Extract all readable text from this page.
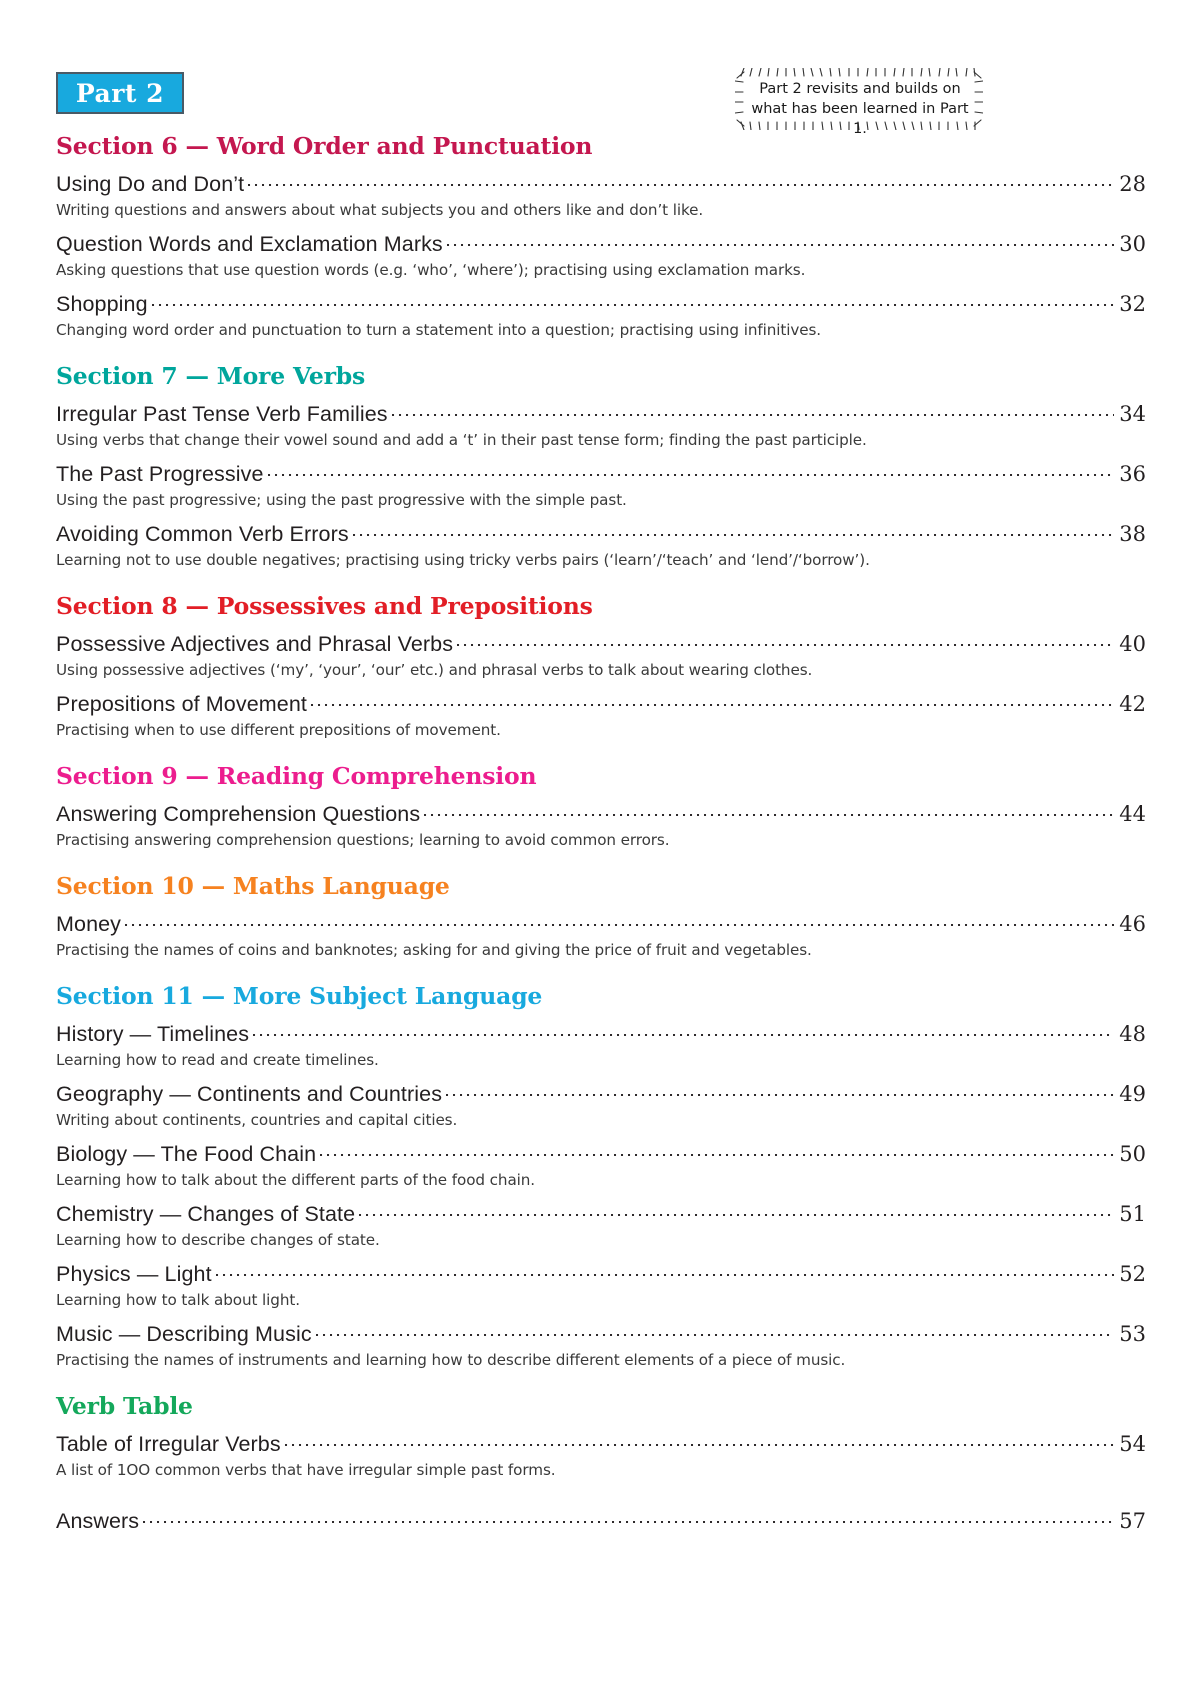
Part 2	Part 2 revisits and builds on
what has been learned in Part 1.
Section 6 — Word Order and Punctuation
Using Do and Don’t	28
Writing questions and answers about what subjects you and others like and don’t like.
Question Words and Exclamation Marks	30
Asking questions that use question words (e.g. ‘who’, ‘where’); practising using exclamation marks.
Shopping	32
Changing word order and punctuation to turn a statement into a question; practising using infinitives.
Section 7 — More Verbs
Irregular Past Tense Verb Families	34
Using verbs that change their vowel sound and add a ‘t’ in their past tense form; finding the past participle.
The Past Progressive	36
Using the past progressive; using the past progressive with the simple past.
Avoiding Common Verb Errors	38
Learning not to use double negatives; practising using tricky verbs pairs (‘learn’/‘teach’ and ‘lend’/‘borrow’).
Section 8 — Possessives and Prepositions
Possessive Adjectives and Phrasal Verbs	40
Using possessive adjectives (‘my’, ‘your’, ‘our’ etc.) and phrasal verbs to talk about wearing clothes.
Prepositions of Movement	42
Practising when to use different prepositions of movement.
Section 9 — Reading Comprehension
Answering Comprehension Questions	44
Practising answering comprehension questions; learning to avoid common errors.
Section 10 — Maths Language
Money	46
Practising the names of coins and banknotes; asking for and giving the price of fruit and vegetables.
Section 11 — More Subject Language
History — Timelines	48
Learning how to read and create timelines.
Geography — Continents and Countries	49
Writing about continents, countries and capital cities.
Biology — The Food Chain	50
Learning how to talk about the different parts of the food chain.
Chemistry — Changes of State	51
Learning how to describe changes of state.
Physics — Light	52
Learning how to talk about light.
Music — Describing Music	53
Practising the names of instruments and learning how to describe different elements of a piece of music.
Verb Table
Table of Irregular Verbs	54
A list of 1OO common verbs that have irregular simple past forms.
Answers	57
